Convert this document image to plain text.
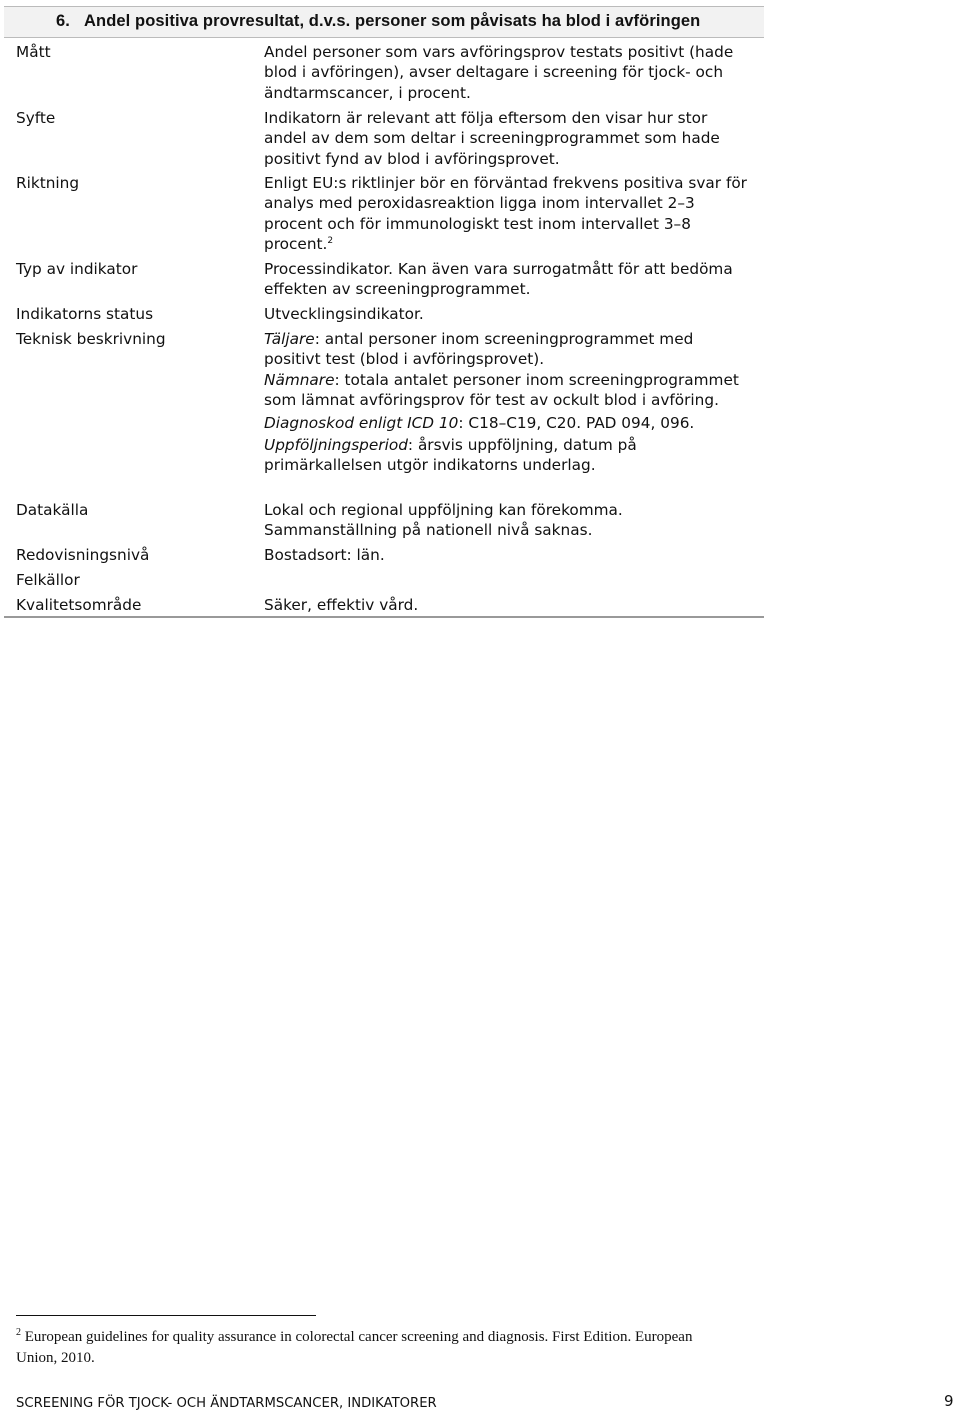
6. Andel positiva provresultat, d.v.s. personer som påvisats ha blod i avföringen
Mått	Andel personer som vars avföringsprov testats positivt (hade blod i avföringen), avser deltagare i screening för tjock- och ändtarmscancer, i procent.
Syfte	Indikatorn är relevant att följa eftersom den visar hur stor andel av dem som deltar i screeningprogrammet som hade positivt fynd av blod i avföringsprovet.
Riktning	Enligt EU:s riktlinjer bör en förväntad frekvens positiva svar för analys med peroxidasreaktion ligga inom intervallet 2–3 procent och för immunologiskt test inom intervallet 3–8 procent.$^2$
Typ av indikator	Processindikator. Kan även vara surrogatmått för att bedöma effekten av screeningprogrammet.
Indikatorns status	Utvecklingsindikator.
Teknisk beskrivning	Täljare: antal personer inom screeningprogrammet med positivt test (blod i avföringsprovet).

Nämnare: totala antalet personer inom screeningprogrammet som lämnat avföringsprov för test av ockult blod i avföring.

Diagnoskod enligt ICD 10: C18–C19, C20. PAD 094, 096.

Uppföljningsperiod: årsvis uppföljning, datum på primärkallelsen utgör indikatorns underlag.

Datakälla	Lokal och regional uppföljning kan förekomma. Sammanställning på nationell nivå saknas.
Redovisningsnivå	Bostadsort: län.
Felkällor
Kvalitetsområde	Säker, effektiv vård.
$^2$ European guidelines for quality assurance in colorectal cancer screening and diagnosis. First Edition. European Union, 2010.
SCREENING FÖR TJOCK- OCH ÄNDTARMSCANCER, INDIKATORER	9
